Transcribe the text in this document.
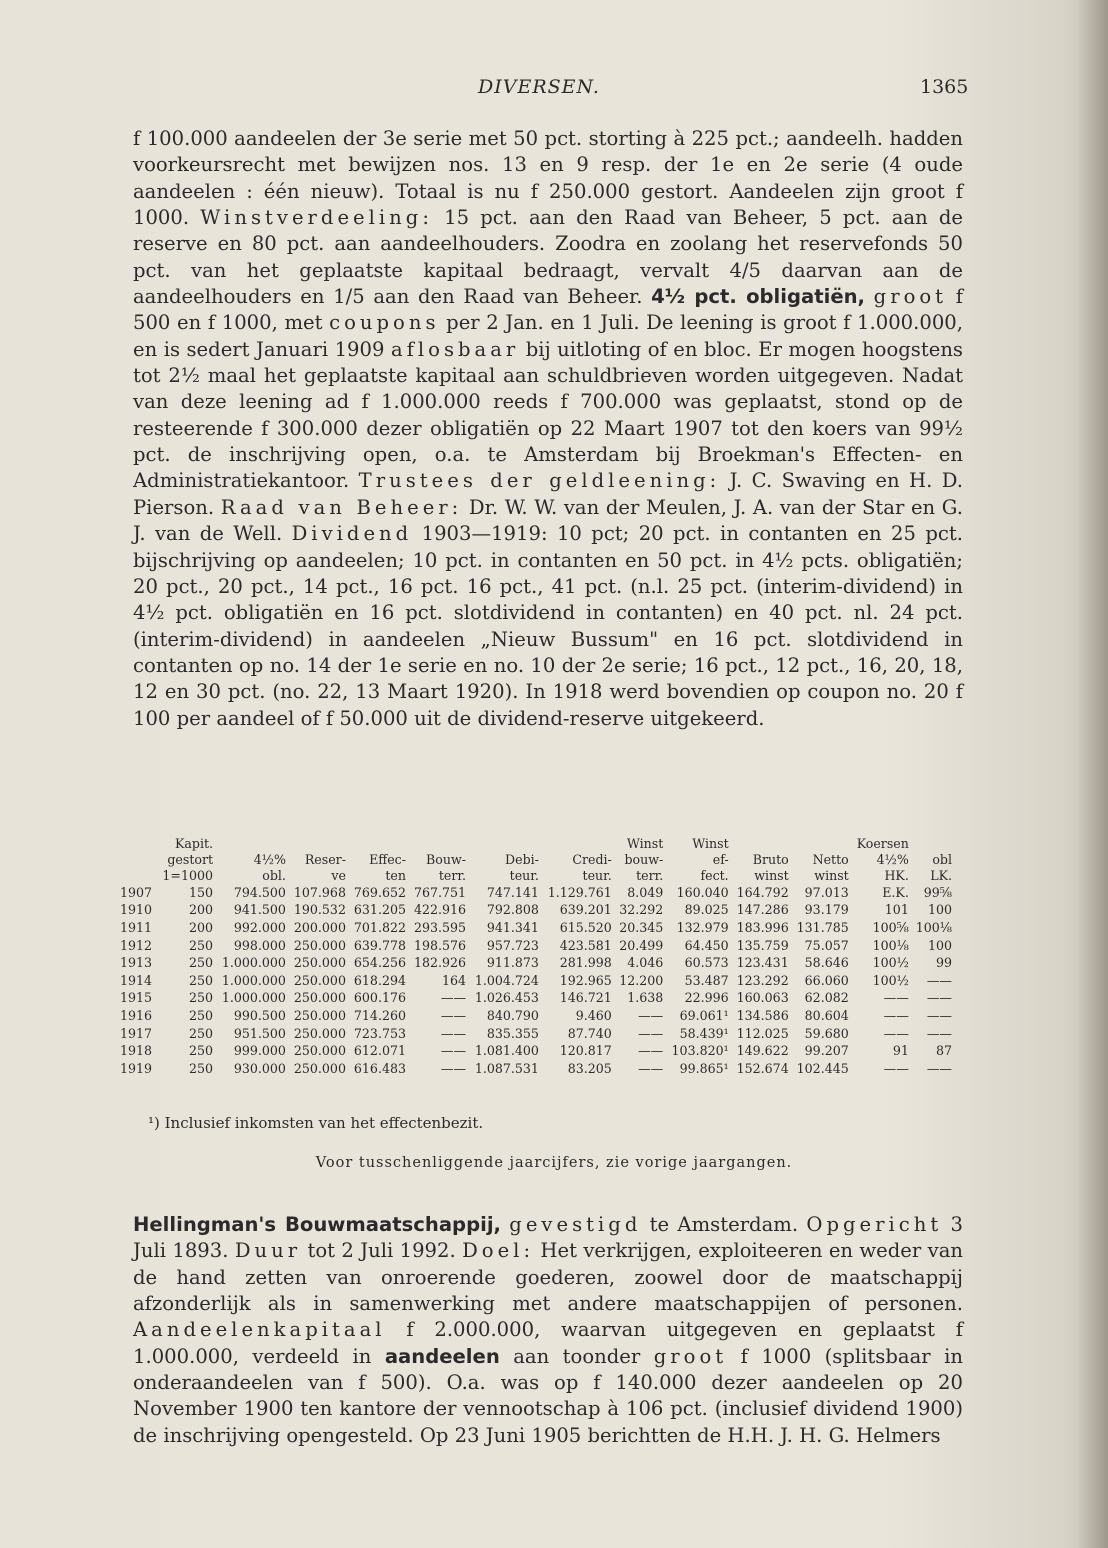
DIVERSEN.	1365

f 100.000 aandeelen der 3e serie met 50 pct. storting à 225 pct.; aandeelh. hadden voorkeursrecht met bewijzen nos. 13 en 9 resp. der 1e en 2e serie (4 oude aandeelen : één nieuw). Totaal is nu f 250.000 gestort. Aandeelen zijn groot f 1000. Winstverdeeling: 15 pct. aan den Raad van Beheer, 5 pct. aan de reserve en 80 pct. aan aandeelhouders. Zoodra en zoolang het reservefonds 50 pct. van het geplaatste kapitaal bedraagt, vervalt 4/5 daarvan aan de aandeelhouders en 1/5 aan den Raad van Beheer. 4½ pct. obligatiën, groot f 500 en f 1000, met coupons per 2 Jan. en 1 Juli. De leening is groot f 1.000.000, en is sedert Januari 1909 aflosbaar bij uitloting of en bloc. Er mogen hoogstens tot 2½ maal het geplaatste kapitaal aan schuldbrieven worden uitgegeven. Nadat van deze leening ad f 1.000.000 reeds f 700.000 was geplaatst, stond op de resteerende f 300.000 dezer obligatiën op 22 Maart 1907 tot den koers van 99½ pct. de inschrijving open, o.a. te Amsterdam bij Broekman's Effecten- en Administratiekantoor. Trustees der geldleening: J. C. Swaving en H. D. Pierson. Raad van Beheer: Dr. W. W. van der Meulen, J. A. van der Star en G. J. van de Well. Dividend 1903—1919: 10 pct; 20 pct. in contanten en 25 pct. bijschrijving op aandeelen; 10 pct. in contanten en 50 pct. in 4½ pcts. obligatiën; 20 pct., 20 pct., 14 pct., 16 pct. 16 pct., 41 pct. (n.l. 25 pct. (interim-dividend) in 4½ pct. obligatiën en 16 pct. slotdividend in contanten) en 40 pct. nl. 24 pct. (interim-dividend) in aandeelen „Nieuw Bussum" en 16 pct. slotdividend in contanten op no. 14 der 1e serie en no. 10 der 2e serie; 16 pct., 12 pct., 16, 20, 18, 12 en 30 pct. (no. 22, 13 Maart 1920). In 1918 werd bovendien op coupon no. 20 f 100 per aandeel of f 50.000 uit de dividend-reserve uitgekeerd.

	Kapit.							Winst	Winst			Koersen	
	gestort	4½%	Reser-	Effec-	Bouw-	Debi-	Credi-	bouw-	ef-	Bruto	Netto	4½%	obl
	1=1000	obl.	ve	ten	terr.	teur.	teur.	terr.	fect.	winst	winst	HK.	LK.
1907	150	794.500	107.968	769.652	767.751	747.141	1.129.761	8.049	160.040	164.792	97.013	E.K.	99⅝
1910	200	941.500	190.532	631.205	422.916	792.808	639.201	32.292	89.025	147.286	93.179	101	100
1911	200	992.000	200.000	701.822	293.595	941.341	615.520	20.345	132.979	183.996	131.785	100⅝	100⅛
1912	250	998.000	250.000	639.778	198.576	957.723	423.581	20.499	64.450	135.759	75.057	100⅛	100
1913	250	1.000.000	250.000	654.256	182.926	911.873	281.998	4.046	60.573	123.431	58.646	100½	99
1914	250	1.000.000	250.000	618.294	164	1.004.724	192.965	12.200	53.487	123.292	66.060	100½	——
1915	250	1.000.000	250.000	600.176	——	1.026.453	146.721	1.638	22.996	160.063	62.082	——	——
1916	250	990.500	250.000	714.260	——	840.790	9.460	——	69.061¹	134.586	80.604	——	——
1917	250	951.500	250.000	723.753	——	835.355	87.740	——	58.439¹	112.025	59.680	——	——
1918	250	999.000	250.000	612.071	——	1.081.400	120.817	——	103.820¹	149.622	99.207	91	87
1919	250	930.000	250.000	616.483	——	1.087.531	83.205	——	99.865¹	152.674	102.445	——	——
¹) Inclusief inkomsten van het effectenbezit.
Voor tusschenliggende jaarcijfers, zie vorige jaargangen.

Hellingman's Bouwmaatschappij, gevestigd te Amsterdam. Opgericht 3 Juli 1893. Duur tot 2 Juli 1992. Doel: Het verkrijgen, exploiteeren en weder van de hand zetten van onroerende goederen, zoowel door de maatschappij afzonderlijk als in samenwerking met andere maatschappijen of personen. Aandeelenkapitaal f 2.000.000, waarvan uitgegeven en geplaatst f 1.000.000, verdeeld in aandeelen aan toonder groot f 1000 (splitsbaar in onderaandeelen van f 500). O.a. was op f 140.000 dezer aandeelen op 20 November 1900 ten kantore der vennootschap à 106 pct. (inclusief dividend 1900) de inschrijving opengesteld. Op 23 Juni 1905 berichtten de H.H. J. H. G. Helmers
